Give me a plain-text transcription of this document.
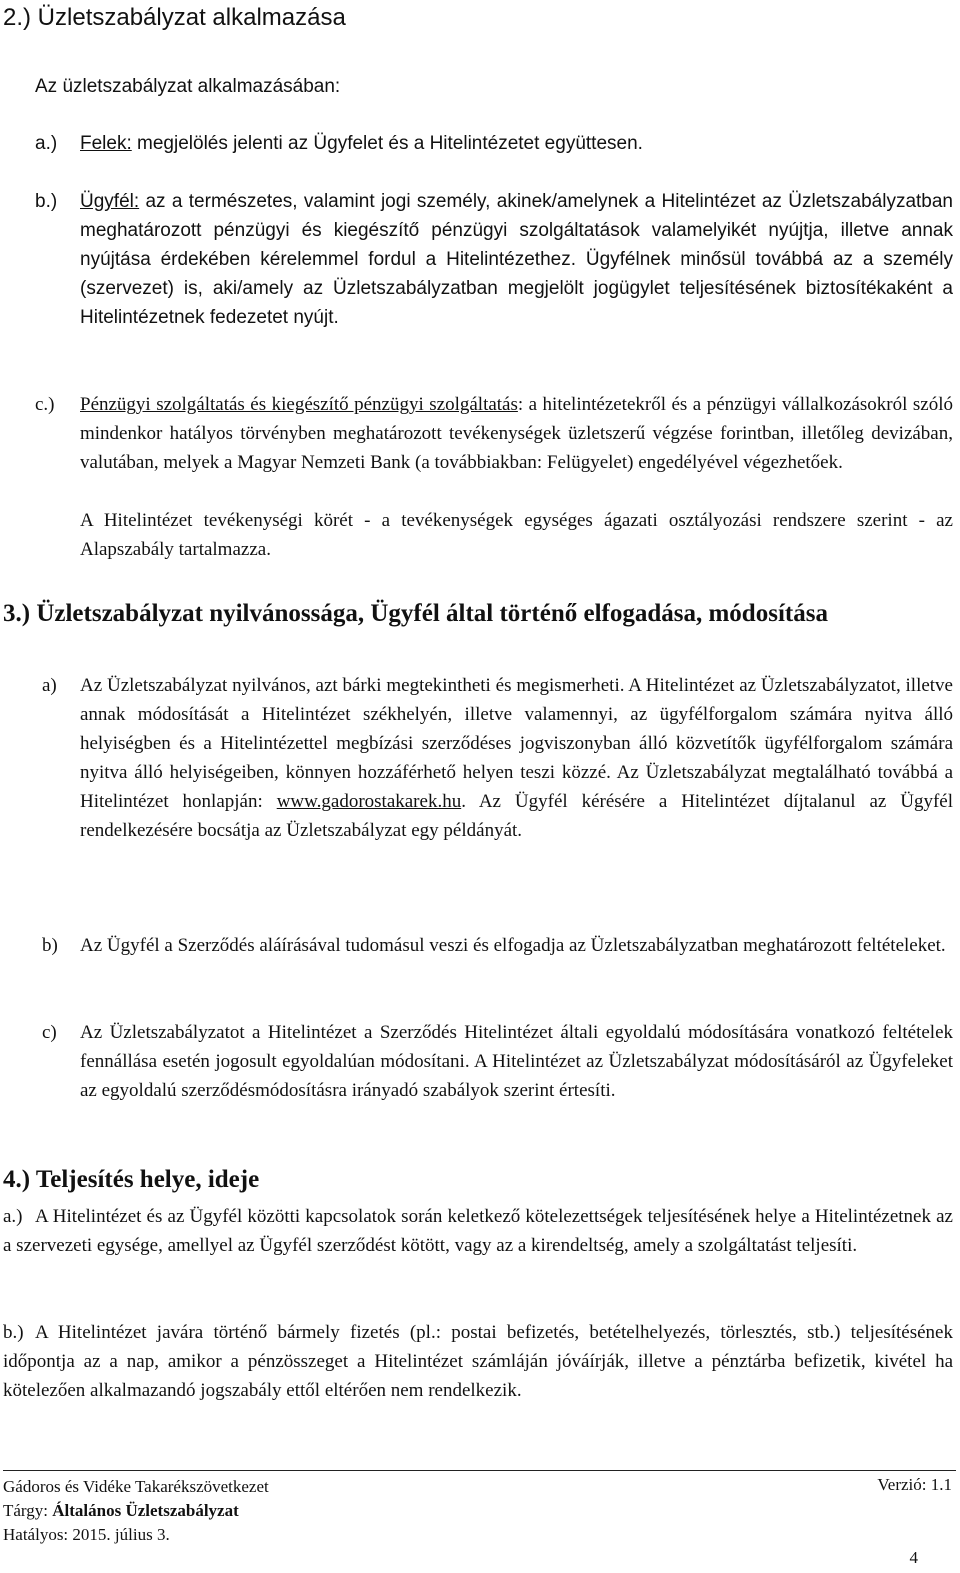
2.) Üzletszabályzat alkalmazása
Az üzletszabályzat alkalmazásában:
a.) Felek: megjelölés jelenti az Ügyfelet és a Hitelintézetet együttesen.
b.) Ügyfél: az a természetes, valamint jogi személy, akinek/amelynek a Hitelintézet az Üzletszabályzatban meghatározott pénzügyi és kiegészítő pénzügyi szolgáltatások valamelyikét nyújtja, illetve annak nyújtása érdekében kérelemmel fordul a Hitelintézethez. Ügyfélnek minősül továbbá az a személy (szervezet) is, aki/amely az Üzletszabályzatban megjelölt jogügylet teljesítésének biztosítékaként a Hitelintézetnek fedezetet nyújt.
c.) Pénzügyi szolgáltatás és kiegészítő pénzügyi szolgáltatás: a hitelintézetekről és a pénzügyi vállalkozásokról szóló mindenkor hatályos törvényben meghatározott tevékenységek üzletszerű végzése forintban, illetőleg devizában, valutában, melyek a Magyar Nemzeti Bank (a továbbiakban: Felügyelet) engedélyével végezhetőek.
A Hitelintézet tevékenységi körét - a tevékenységek egységes ágazati osztályozási rendszere szerint - az Alapszabály tartalmazza.
3.) Üzletszabályzat nyilvánossága, Ügyfél által történő elfogadása, módosítása
a) Az Üzletszabályzat nyilvános, azt bárki megtekintheti és megismerheti. A Hitelintézet az Üzletszabályzatot, illetve annak módosítását a Hitelintézet székhelyén, illetve valamennyi, az ügyfélforgalom számára nyitva álló helyiségben és a Hitelintézettel megbízási szerződéses jogviszonyban álló közvetítők ügyfélforgalom számára nyitva álló helyiségeiben, könnyen hozzáférhető helyen teszi közzé. Az Üzletszabályzat megtalálható továbbá a Hitelintézet honlapján: www.gadorostakarek.hu. Az Ügyfél kérésére a Hitelintézet díjtalanul az Ügyfél rendelkezésére bocsátja az Üzletszabályzat egy példányát.
b) Az Ügyfél a Szerződés aláírásával tudomásul veszi és elfogadja az Üzletszabályzatban meghatározott feltételeket.
c) Az Üzletszabályzatot a Hitelintézet a Szerződés Hitelintézet általi egyoldalú módosítására vonatkozó feltételek fennállása esetén jogosult egyoldalúan módosítani. A Hitelintézet az Üzletszabályzat módosításáról az Ügyfeleket az egyoldalú szerződésmódosításra irányadó szabályok szerint értesíti.
4.) Teljesítés helye, ideje
a.) A Hitelintézet és az Ügyfél közötti kapcsolatok során keletkező kötelezettségek teljesítésének helye a Hitelintézetnek az a szervezeti egysége, amellyel az Ügyfél szerződést kötött, vagy az a kirendeltség, amely a szolgáltatást teljesíti.
b.) A Hitelintézet javára történő bármely fizetés (pl.: postai befizetés, betételhelyezés, törlesztés, stb.) teljesítésének időpontja az a nap, amikor a pénzösszeget a Hitelintézet számláján jóváírják, illetve a pénztárba befizetik, kivétel ha kötelezően alkalmazandó jogszabály ettől eltérően nem rendelkezik.
Gádoros és Vidéke Takarékszövetkezet
Tárgy: Általános Üzletszabályzat
Hatályos: 2015. július 3.
Verzió: 1.1
4
